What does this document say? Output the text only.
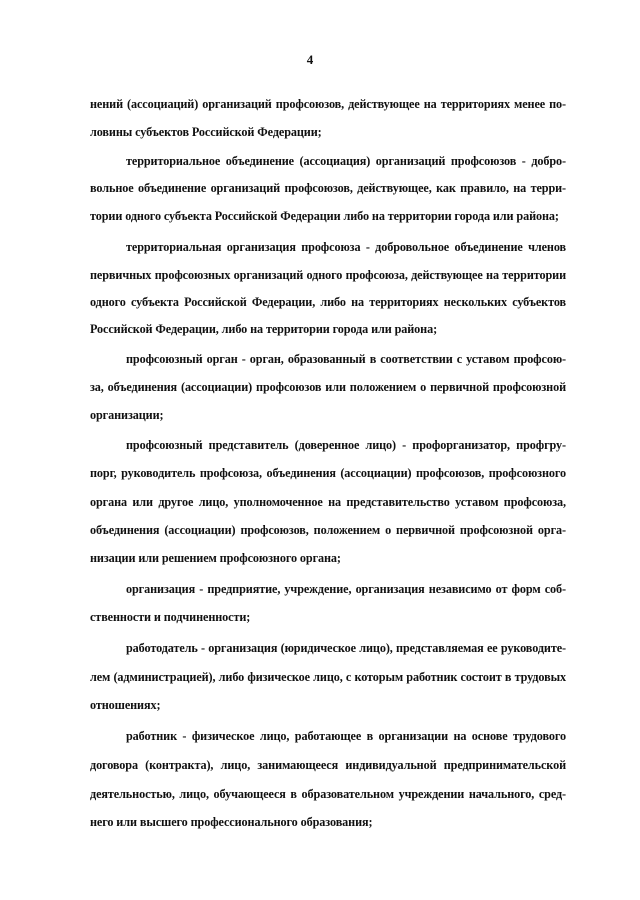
4
нений (ассоциаций) организаций профсоюзов, действующее на территориях менее по-
ловины субъектов Российской Федерации;
территориальное объединение (ассоциация) организаций профсоюзов - добро-
вольное объединение организаций профсоюзов, действующее, как правило, на терри-
тории одного субъекта Российской Федерации либо на территории города или района;
территориальная организация профсоюза - добровольное объединение членов
первичных профсоюзных организаций одного профсоюза, действующее на территории
одного субъекта Российской Федерации, либо на территориях нескольких субъектов
Российской Федерации, либо на территории города или района;
профсоюзный орган - орган, образованный в соответствии с уставом профсою-
за, объединения (ассоциации) профсоюзов или положением о первичной профсоюзной
организации;
профсоюзный представитель (доверенное лицо) - профорганизатор, профгру-
порг, руководитель профсоюза, объединения (ассоциации) профсоюзов, профсоюзного
органа или другое лицо, уполномоченное на представительство уставом профсоюза,
объединения (ассоциации) профсоюзов, положением о первичной профсоюзной орга-
низации или решением профсоюзного органа;
организация - предприятие, учреждение, организация независимо от форм соб-
ственности и подчиненности;
работодатель - организация (юридическое лицо), представляемая ее руководите-
лем (администрацией), либо физическое лицо, с которым работник состоит в трудовых
отношениях;
работник - физическое лицо, работающее в организации на основе трудового
договора (контракта), лицо, занимающееся индивидуальной предпринимательской
деятельностью, лицо, обучающееся в образовательном учреждении начального, сред-
него или высшего профессионального образования;
